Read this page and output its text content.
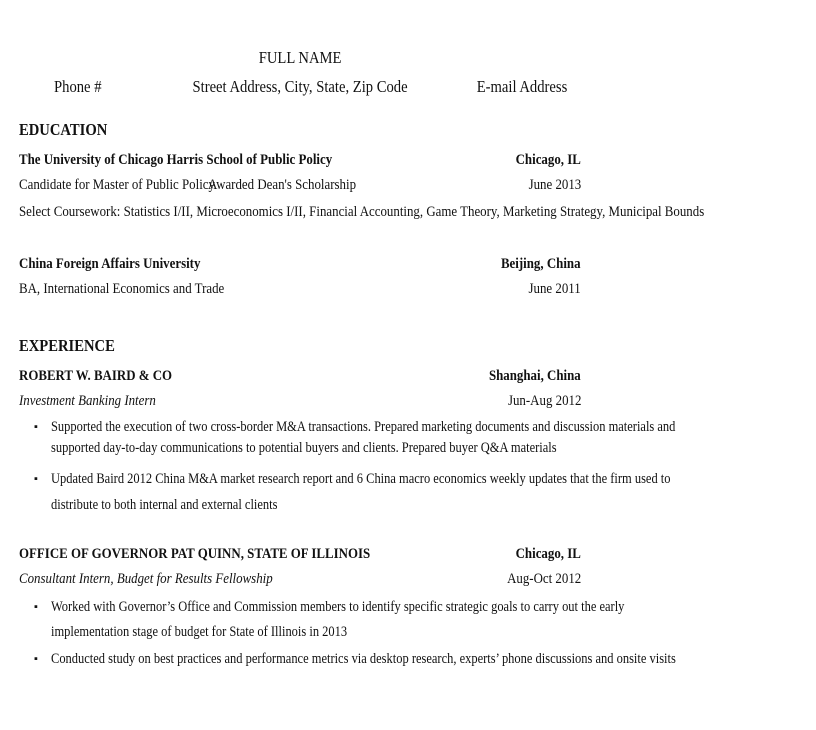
FULL NAME
Phone #	Street Address, City, State, Zip Code	E-mail Address
EDUCATION
The University of Chicago Harris School of Public Policy	Chicago, IL
Candidate for Master of Public Policy
Awarded Dean's Scholarship	June 2013
Select Coursework: Statistics I/II, Microeconomics I/II, Financial Accounting, Game Theory, Marketing Strategy, Municipal Bounds
China Foreign Affairs University	Beijing, China
BA, International Economics and Trade	June 2011
EXPERIENCE
ROBERT W. BAIRD & CO	Shanghai, China
Investment Banking Intern	Jun-Aug 2012
▪ Supported the execution of two cross-border M&A transactions. Prepared marketing documents and discussion materials and
supported day-to-day communications to potential buyers and clients. Prepared buyer Q&A materials
▪ Updated Baird 2012 China M&A market research report and 6 China macro economics weekly updates that the firm used to
distribute to both internal and external clients
OFFICE OF GOVERNOR PAT QUINN, STATE OF ILLINOIS	Chicago, IL
Consultant Intern, Budget for Results Fellowship	Aug-Oct 2012
▪ Worked with Governor’s Office and Commission members to identify specific strategic goals to carry out the early
implementation stage of budget for State of Illinois in 2013
▪ Conducted study on best practices and performance metrics via desktop research, experts’ phone discussions and onsite visits
